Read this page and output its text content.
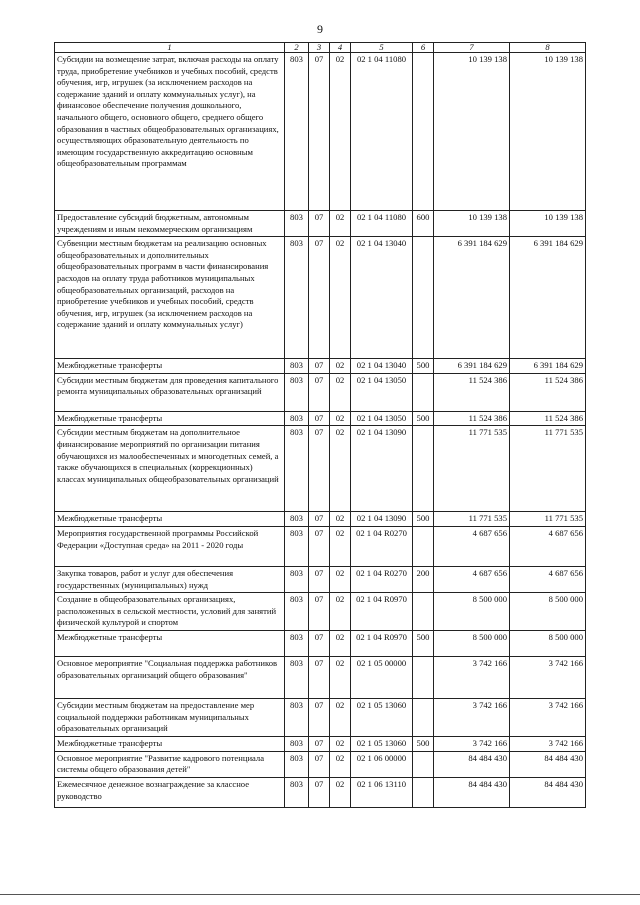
9
1	2	3	4	5	6	7	8
Субсидии на возмещение затрат, включая расходы на оплату труда, приобретение учебников и учебных пособий, средств обучения, игр, игрушек (за исключением расходов на содержание зданий и оплату коммунальных услуг), на финансовое обеспечение получения дошкольного, начального общего, основного общего, среднего общего образования в частных общеобразовательных организациях, осуществляющих образовательную деятельность по имеющим государственную аккредитацию основным общеобразовательным программам	803	07	02	02 1 04 11080		10 139 138	10 139 138
Предоставление субсидий бюджетным, автономным учреждениям и иным некоммерческим организациям	803	07	02	02 1 04 11080	600	10 139 138	10 139 138
Субвенции местным бюджетам на реализацию основных общеобразовательных и дополнительных общеобразовательных программ в части финансирования расходов на оплату труда работников муниципальных общеобразовательных организаций, расходов на приобретение учебников и учебных пособий, средств обучения, игр, игрушек (за исключением расходов на содержание зданий и оплату коммунальных услуг)	803	07	02	02 1 04 13040		6 391 184 629	6 391 184 629
Межбюджетные трансферты	803	07	02	02 1 04 13040	500	6 391 184 629	6 391 184 629
Субсидии местным бюджетам для проведения капитального ремонта муниципальных образовательных организаций	803	07	02	02 1 04 13050		11 524 386	11 524 386
Межбюджетные трансферты	803	07	02	02 1 04 13050	500	11 524 386	11 524 386
Субсидии местным бюджетам на дополнительное финансирование мероприятий по организации питания обучающихся из малообеспеченных и многодетных семей, а также обучающихся в специальных (коррекционных) классах муниципальных общеобразовательных организаций	803	07	02	02 1 04 13090		11 771 535	11 771 535
Межбюджетные трансферты	803	07	02	02 1 04 13090	500	11 771 535	11 771 535
Мероприятия государственной программы Российской Федерации «Доступная среда» на 2011 - 2020 годы	803	07	02	02 1 04 R0270		4 687 656	4 687 656
Закупка товаров, работ и услуг для обеспечения государственных (муниципальных) нужд	803	07	02	02 1 04 R0270	200	4 687 656	4 687 656
Создание в общеобразовательных организациях, расположенных в сельской местности, условий для занятий физической культурой и спортом	803	07	02	02 1 04 R0970		8 500 000	8 500 000
Межбюджетные трансферты	803	07	02	02 1 04 R0970	500	8 500 000	8 500 000
Основное мероприятие "Социальная поддержка работников образовательных организаций общего образования"	803	07	02	02 1 05 00000		3 742 166	3 742 166
Субсидии местным бюджетам на предоставление мер социальной поддержки работникам муниципальных образовательных организаций	803	07	02	02 1 05 13060		3 742 166	3 742 166
Межбюджетные трансферты	803	07	02	02 1 05 13060	500	3 742 166	3 742 166
Основное мероприятие "Развитие кадрового потенциала системы общего образования детей"	803	07	02	02 1 06 00000		84 484 430	84 484 430
Ежемесячное денежное вознаграждение за классное руководство	803	07	02	02 1 06 13110		84 484 430	84 484 430
